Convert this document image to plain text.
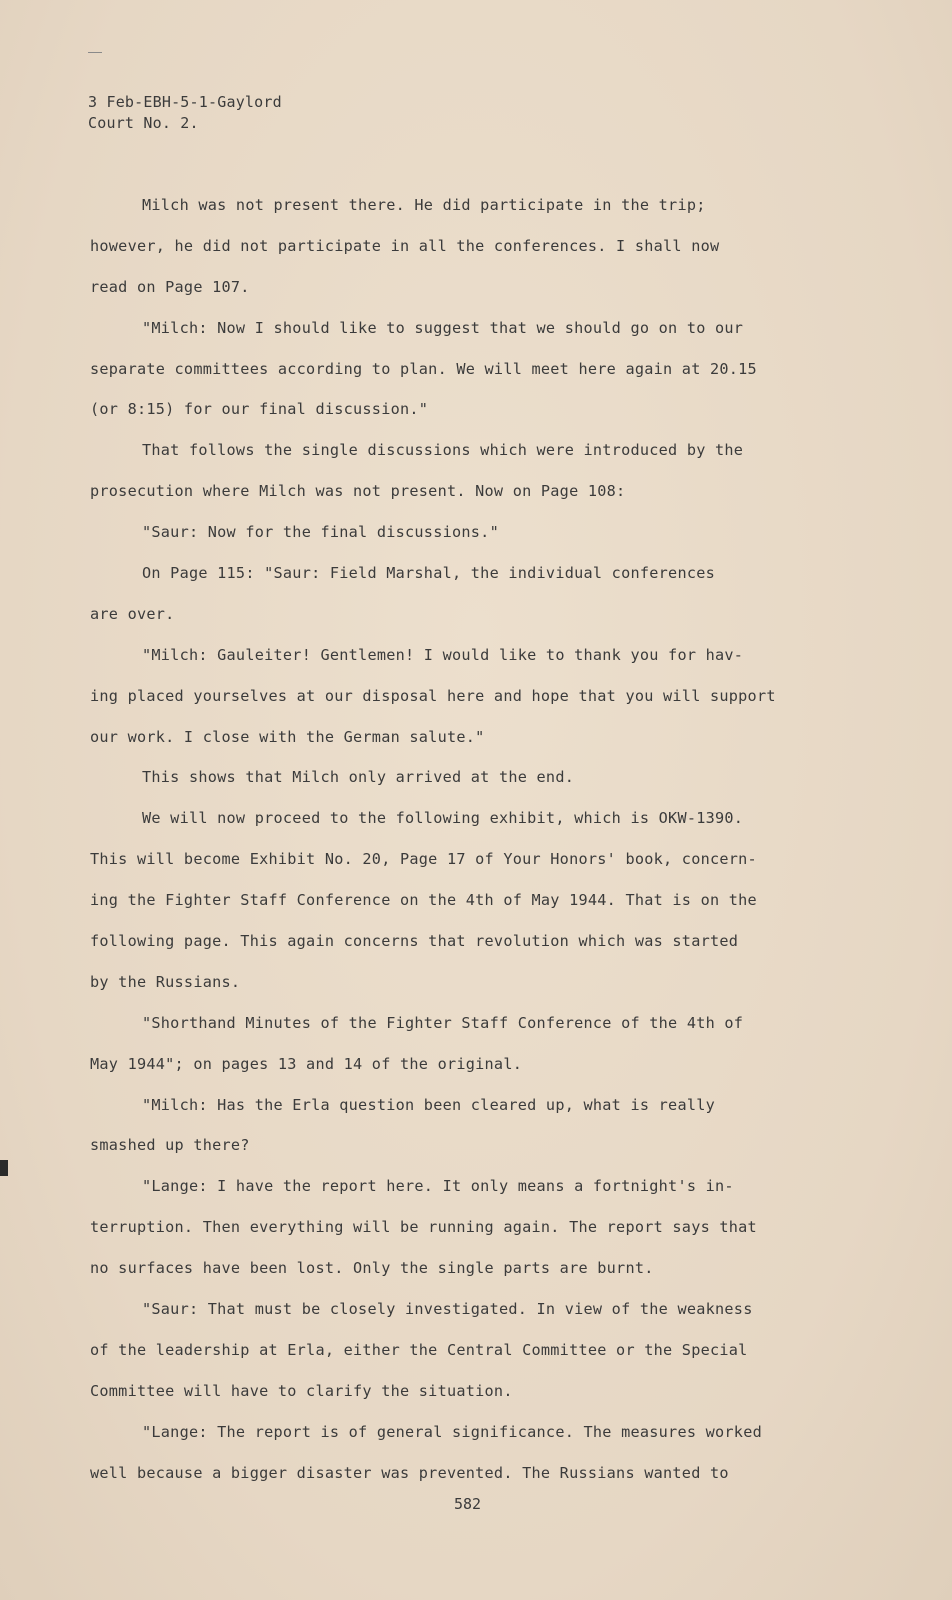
3 Feb-EBH-5-1-Gaylord
Court No. 2.
Milch was not present there. He did participate in the trip;
however, he did not participate in all the conferences. I shall now
read on Page 107.
"Milch: Now I should like to suggest that we should go on to our
separate committees according to plan. We will meet here again at 20.15
(or 8:15) for our final discussion."
That follows the single discussions which were introduced by the
prosecution where Milch was not present. Now on Page 108:
"Saur: Now for the final discussions."
On Page 115: "Saur: Field Marshal, the individual conferences
are over.
"Milch: Gauleiter! Gentlemen! I would like to thank you for hav-
ing placed yourselves at our disposal here and hope that you will support
our work. I close with the German salute."
This shows that Milch only arrived at the end.
We will now proceed to the following exhibit, which is OKW-1390.
This will become Exhibit No. 20, Page 17 of Your Honors' book, concern-
ing the Fighter Staff Conference on the 4th of May 1944. That is on the
following page. This again concerns that revolution which was started
by the Russians.
"Shorthand Minutes of the Fighter Staff Conference of the 4th of
May 1944"; on pages 13 and 14 of the original.
"Milch: Has the Erla question been cleared up, what is really
smashed up there?
"Lange: I have the report here. It only means a fortnight's in-
terruption. Then everything will be running again. The report says that
no surfaces have been lost. Only the single parts are burnt.
"Saur: That must be closely investigated. In view of the weakness
of the leadership at Erla, either the Central Committee or the Special
Committee will have to clarify the situation.
"Lange: The report is of general significance. The measures worked
well because a bigger disaster was prevented. The Russians wanted to
582
